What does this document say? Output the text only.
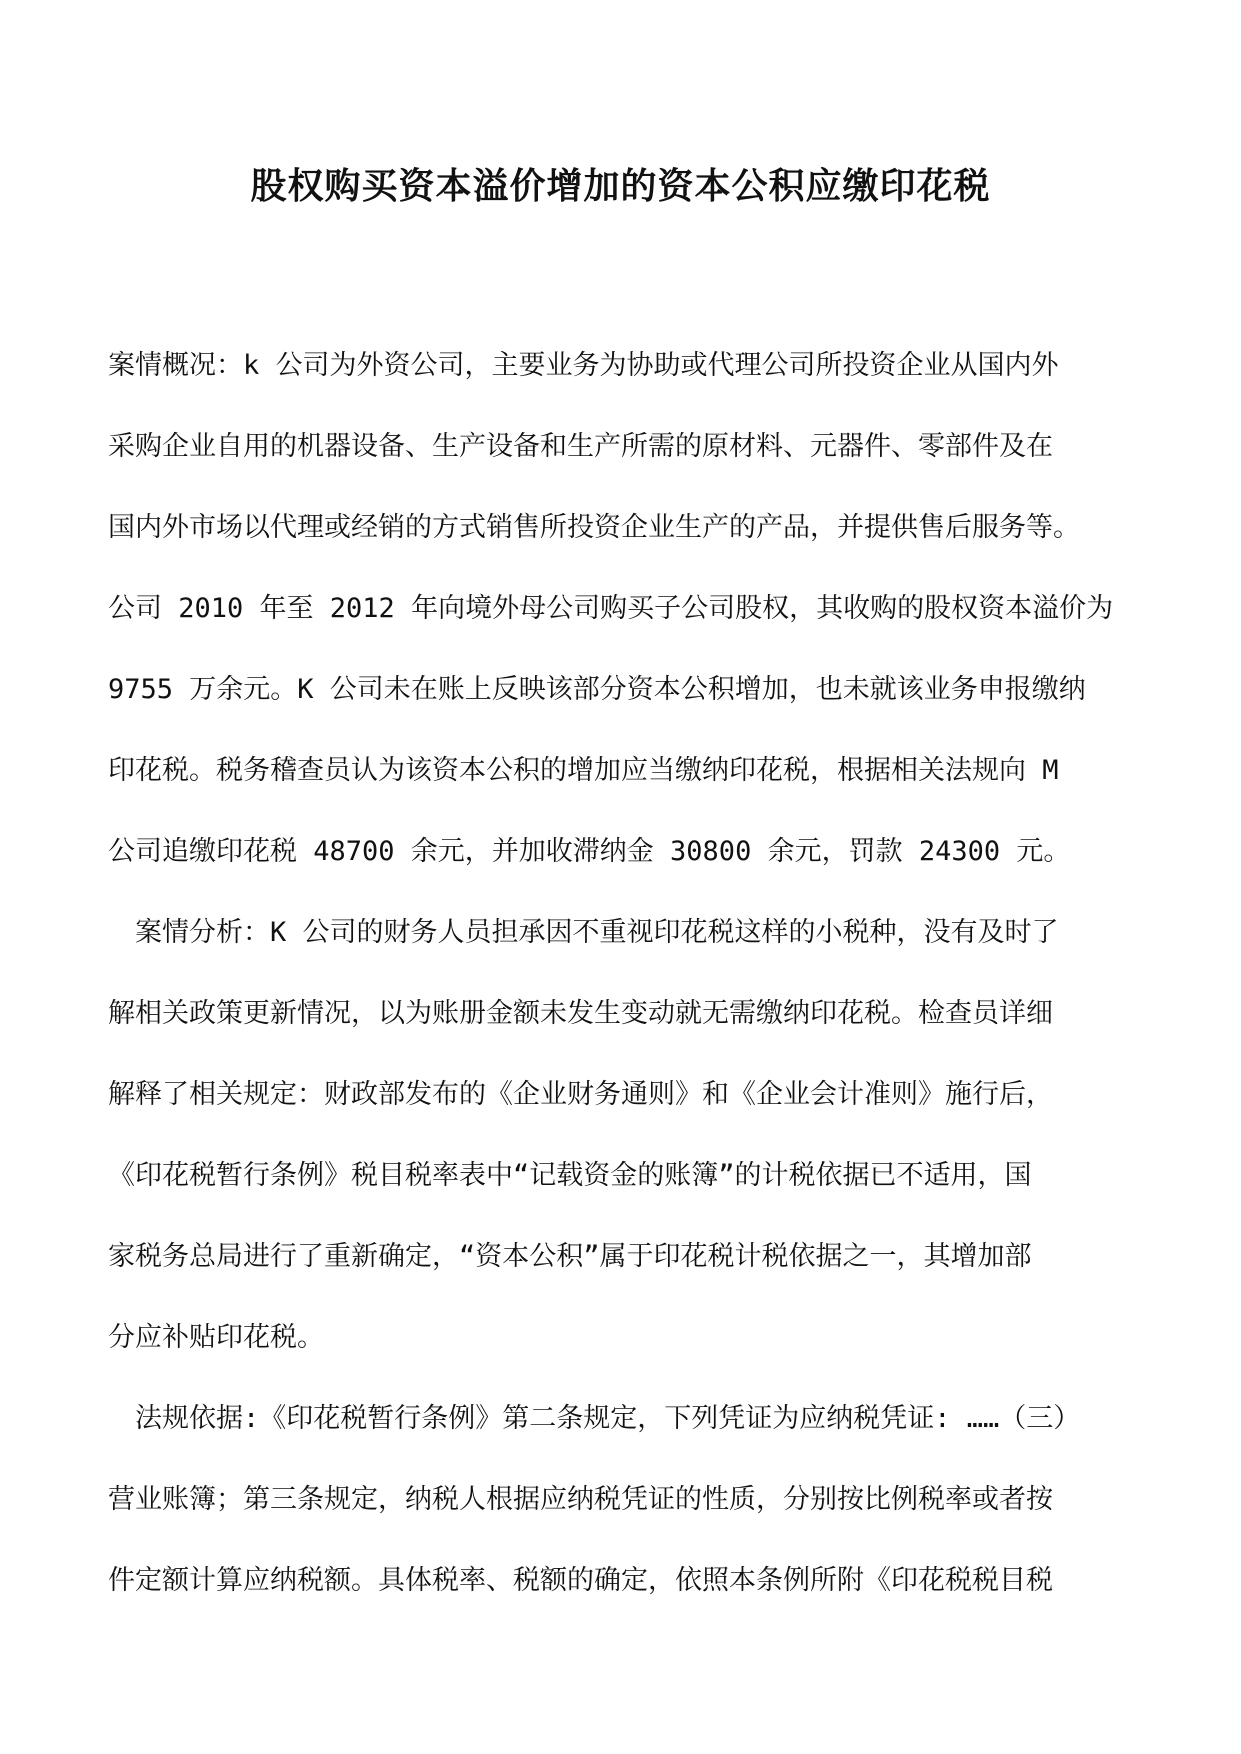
股权购买资本溢价增加的资本公积应缴印花税
案情概况：k 公司为外资公司，主要业务为协助或代理公司所投资企业从国内外
采购企业自用的机器设备、生产设备和生产所需的原材料、元器件、零部件及在
国内外市场以代理或经销的方式销售所投资企业生产的产品，并提供售后服务等。
公司 2010 年至 2012 年向境外母公司购买子公司股权，其收购的股权资本溢价为
9755 万余元。K 公司未在账上反映该部分资本公积增加，也未就该业务申报缴纳
印花税。税务稽查员认为该资本公积的增加应当缴纳印花税，根据相关法规向 M
公司追缴印花税 48700 余元，并加收滞纳金 30800 余元，罚款 24300 元。
　案情分析：K 公司的财务人员担承因不重视印花税这样的小税种，没有及时了
解相关政策更新情况，以为账册金额未发生变动就无需缴纳印花税。检查员详细
解释了相关规定：财政部发布的《企业财务通则》和《企业会计准则》施行后，
《印花税暂行条例》税目税率表中“记载资金的账簿”的计税依据已不适用，国
家税务总局进行了重新确定，“资本公积”属于印花税计税依据之一，其增加部
分应补贴印花税。
　法规依据:《印花税暂行条例》第二条规定，下列凭证为应纳税凭证: ……（三）
营业账簿；第三条规定，纳税人根据应纳税凭证的性质，分别按比例税率或者按
件定额计算应纳税额。具体税率、税额的确定，依照本条例所附《印花税税目税
